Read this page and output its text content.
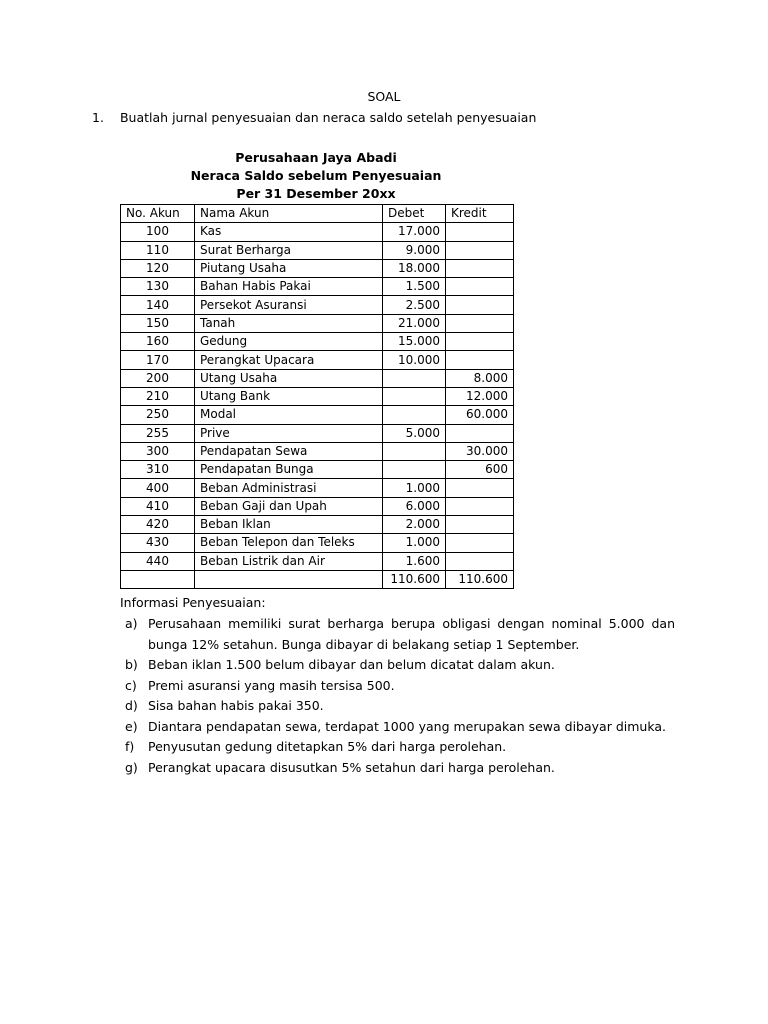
SOAL
1. Buatlah jurnal penyesuaian dan neraca saldo setelah penyesuaian
Perusahaan Jaya Abadi
Neraca Saldo sebelum Penyesuaian
Per 31 Desember 20xx
No. Akun	Nama Akun	Debet	Kredit
100	Kas	17.000	
110	Surat Berharga	9.000	
120	Piutang Usaha	18.000	
130	Bahan Habis Pakai	1.500	
140	Persekot Asuransi	2.500	
150	Tanah	21.000	
160	Gedung	15.000	
170	Perangkat Upacara	10.000	
200	Utang Usaha		8.000
210	Utang Bank		12.000
250	Modal		60.000
255	Prive	5.000	
300	Pendapatan Sewa		30.000
310	Pendapatan Bunga		600
400	Beban Administrasi	1.000	
410	Beban Gaji dan Upah	6.000	
420	Beban Iklan	2.000	
430	Beban Telepon dan Teleks	1.000	
440	Beban Listrik dan Air	1.600	
		110.600	110.600
Informasi Penyesuaian:
a) Perusahaan memiliki surat berharga berupa obligasi dengan nominal 5.000 dan bunga 12% setahun. Bunga dibayar di belakang setiap 1 September.
b) Beban iklan 1.500 belum dibayar dan belum dicatat dalam akun.
c) Premi asuransi yang masih tersisa 500.
d) Sisa bahan habis pakai 350.
e) Diantara pendapatan sewa, terdapat 1000 yang merupakan sewa dibayar dimuka.
f)	Penyusutan gedung ditetapkan 5% dari harga perolehan.
g) Perangkat upacara disusutkan 5% setahun dari harga perolehan.
